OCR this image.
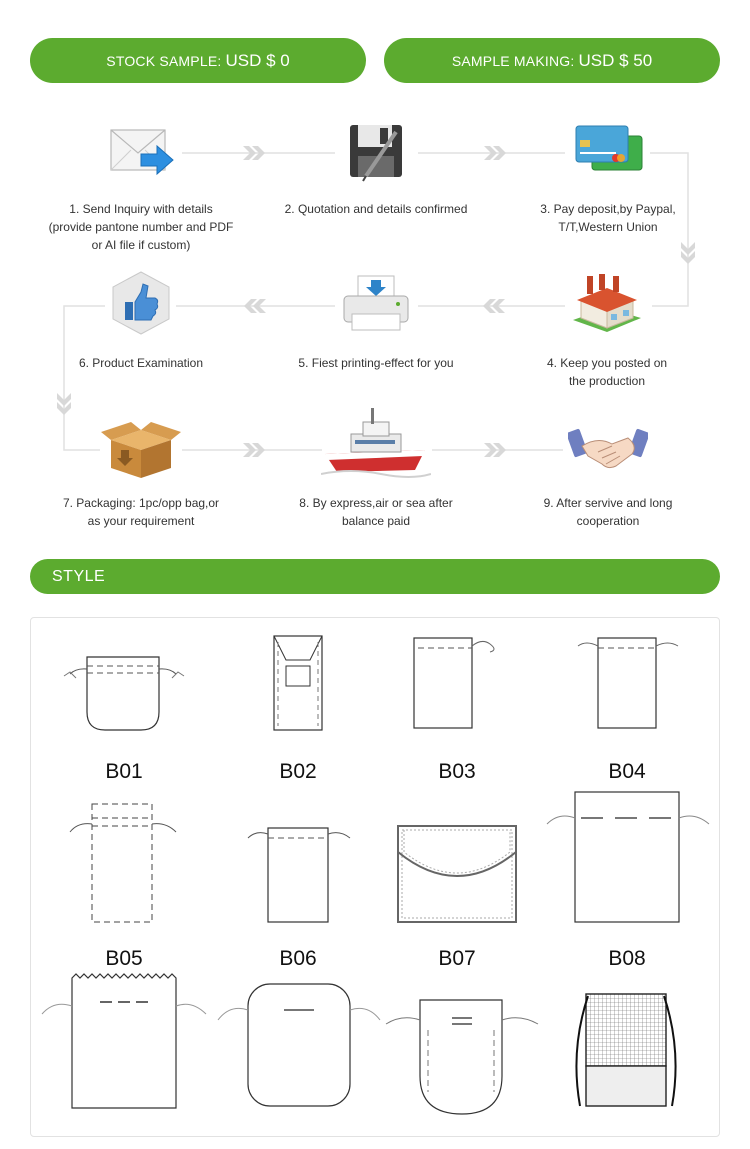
STOCK SAMPLE: USD $ 0	SAMPLE MAKING: USD $ 50
1. Send Inquiry with details
(provide pantone number and PDF
or AI file if custom)
2. Quotation and details confirmed	3. Pay deposit,by Paypal,
T/T,Western Union
4. Keep you posted on
the production
5. Fiest printing-effect for you
6. Product Examination
7. Packaging: 1pc/opp bag,or
as your requirement
8. By express,air or sea after
balance paid
9. After servive and long
cooperation
STYLE
B01	B02	B03	B04
B05	B06	B07	B08
